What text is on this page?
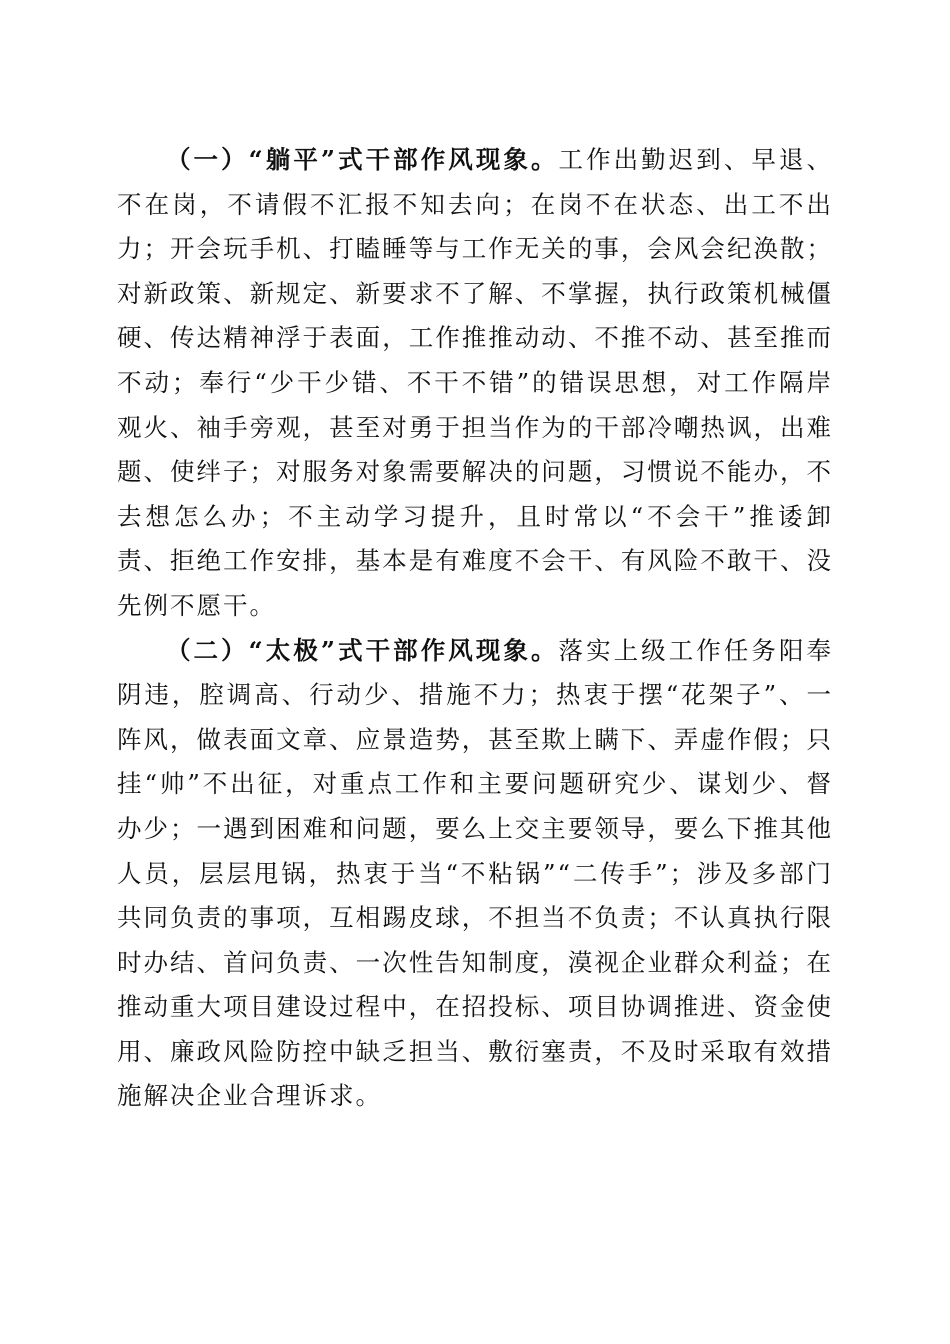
（一）“躺平”式干部作风现象。工作出勤迟到、早退、不在岗，不请假不汇报不知去向；在岗不在状态、出工不出力；开会玩手机、打瞌睡等与工作无关的事，会风会纪涣散；对新政策、新规定、新要求不了解、不掌握，执行政策机械僵硬、传达精神浮于表面，工作推推动动、不推不动、甚至推而不动；奉行“少干少错、不干不错”的错误思想，对工作隔岸观火、袖手旁观，甚至对勇于担当作为的干部冷嘲热讽，出难题、使绊子；对服务对象需要解决的问题，习惯说不能办，不去想怎么办；不主动学习提升，且时常以“不会干”推诿卸责、拒绝工作安排，基本是有难度不会干、有风险不敢干、没先例不愿干。

（二）“太极”式干部作风现象。落实上级工作任务阳奉阴违，腔调高、行动少、措施不力；热衷于摆“花架子”、一阵风，做表面文章、应景造势，甚至欺上瞒下、弄虚作假；只挂“帅”不出征，对重点工作和主要问题研究少、谋划少、督办少；一遇到困难和问题，要么上交主要领导，要么下推其他人员，层层甩锅，热衷于当“不粘锅”“二传手”；涉及多部门共同负责的事项，互相踢皮球，不担当不负责；不认真执行限时办结、首问负责、一次性告知制度，漠视企业群众利益；在推动重大项目建设过程中，在招投标、项目协调推进、资金使用、廉政风险防控中缺乏担当、敷衍塞责，不及时采取有效措施解决企业合理诉求。
